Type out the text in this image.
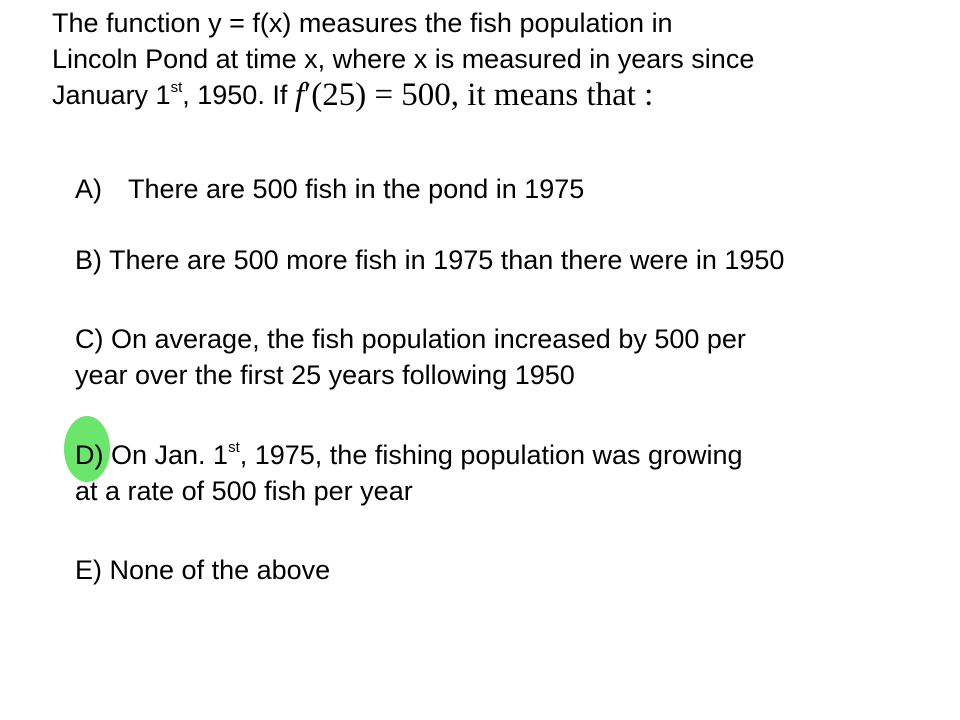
The function y = f(x) measures the fish population in
Lincoln Pond at time x, where x is measured in years since
January 1st, 1950. If f′(25) = 500, it means that :
A) There are 500 fish in the pond in 1975
B) There are 500 more fish in 1975 than there were in 1950
C) On average, the fish population increased by 500 per
year over the first 25 years following 1950
D) On Jan. 1st, 1975, the fishing population was growing
at a rate of 500 fish per year
E) None of the above
